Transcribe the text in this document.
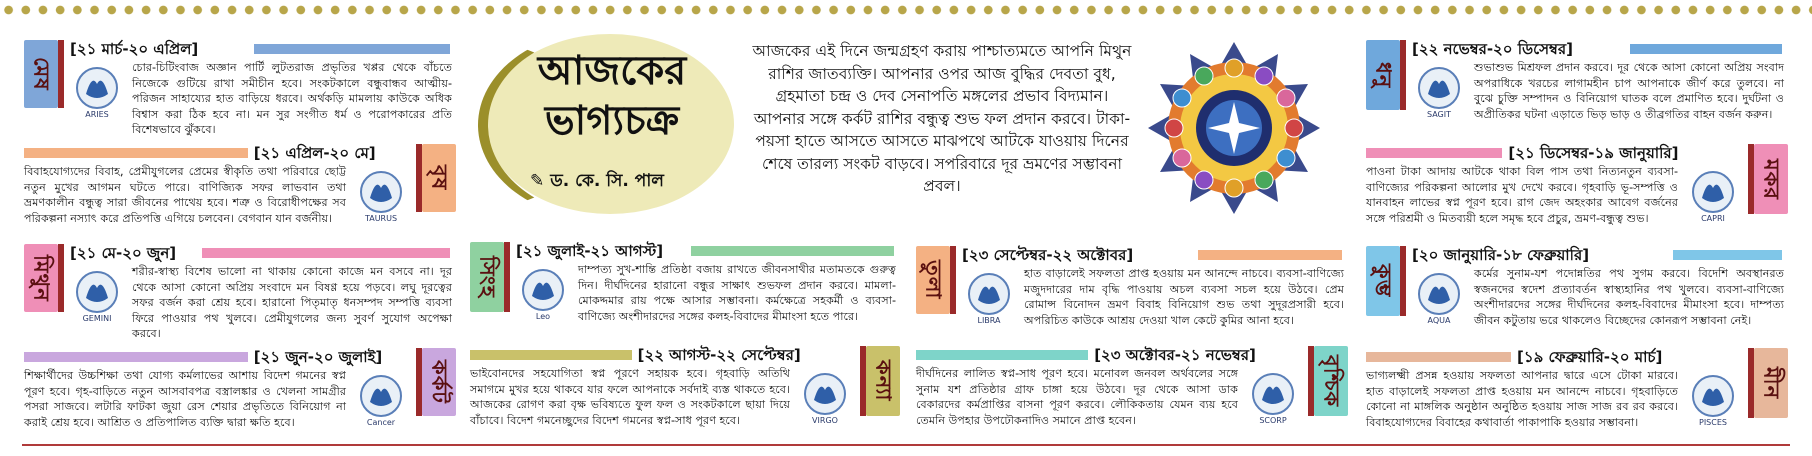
আজকের
ভাগ্যচক্র
✎ ড. কে. সি. পাল
আজকের এই দিনে জন্মগ্রহণ করায় পাশ্চাত্যমতে আপনি মিথুন রাশির জাতব্যক্তি। আপনার ওপর আজ বুদ্ধির দেবতা বুধ, গ্রহমাতা চন্দ্র ও দেব সেনাপতি মঙ্গলের প্রভাব বিদ্যমান। আপনার সঙ্গে কর্কট রাশির বন্ধুত্ব শুভ ফল প্রদান করবে। টাকা-পয়সা হাতে আসতে আসতে মাঝপথে আটকে যাওয়ায় দিনের শেষে তারল্য সংকট বাড়বে। সপরিবারে দূর ভ্রমণের সম্ভাবনা প্রবল।
মেষ
[২১ মার্চ-২০ এপ্রিল]
ARIES
চোর-চিটিংবাজ অজ্ঞান পার্টি লুটতরাজ প্রভৃতির খপ্পর থেকে বাঁচতে নিজেকে গুটিয়ে রাখা সমীচীন হবে। সংকটকালে বন্ধুবান্ধব আত্মীয়-পরিজন সাহায্যের হাত বাড়িয়ে ধরবে। অর্থকড়ি মামলায় কাউকে অধিক বিশ্বাস করা ঠিক হবে না। মন সুর সংগীত ধর্ম ও পরোপকারের প্রতি বিশেষভাবে ঝুঁকবে।
বৃষ
[২১ এপ্রিল-২০ মে]
TAURUS
বিবাহযোগ্যদের বিবাহ, প্রেমীযুগলের প্রেমের স্বীকৃতি তথা পরিবারে ছোট্ট নতুন মুখের আগমন ঘটতে পারে। বাণিজ্যিক সফর লাভবান তথা ভ্রমণকালীন বন্ধুত্ব সারা জীবনের পাথেয় হবে। শত্রু ও বিরোধীপক্ষের সব পরিকল্পনা নস্যাৎ করে প্রতিপত্তি এগিয়ে চলবেন। বেগবান যান বর্জনীয়।
মিথুন
[২১ মে-২০ জুন]
GEMINI
শরীর-স্বাস্থ্য বিশেষ ভালো না থাকায় কোনো কাজে মন বসবে না। দূর থেকে আসা কোনো অপ্রিয় সংবাদে মন বিষণ্ণ হয়ে পড়বে। লঘু দূরত্বের সফর বর্জন করা শ্রেয় হবে। হারানো পিতৃমাতৃ ধনসম্পদ সম্পত্তি ব্যবসা ফিরে পাওয়ার পথ খুলবে। প্রেমীযুগলের জন্য সুবর্ণ সুযোগ অপেক্ষা করবে।
কর্কট
[২১ জুন-২০ জুলাই]
Cancer
শিক্ষার্থীদের উচ্চশিক্ষা তথা যোগ্য কর্মলাভের আশায় বিদেশ গমনের স্বপ্ন পূরণ হবে। গৃহ-বাড়িতে নতুন আসবাবপত্র বস্ত্রালঙ্কার ও খেলনা সামগ্রীর পসরা সাজবে। লটারি ফাটকা জুয়া রেস শেয়ার প্রভৃতিতে বিনিয়োগ না করাই শ্রেয় হবে। আশ্রিত ও প্রতিপালিত ব্যক্তি দ্বারা ক্ষতি হবে।
সিংহ
[২১ জুলাই-২১ আগস্ট]
Leo
দাম্পত্য সুখ-শান্তি প্রতিষ্ঠা বজায় রাখতে জীবনসাথীর মতামতকে গুরুত্ব দিন। দীর্ঘদিনের হারানো বন্ধুর সাক্ষাৎ শুভফল প্রদান করবে। মামলা-মোকদ্দমার রায় পক্ষে আসার সম্ভাবনা। কর্মক্ষেত্রে সহকর্মী ও ব্যবসা-বাণিজ্যে অংশীদারদের সঙ্গের কলহ-বিবাদের মীমাংসা হতে পারে।
কন্যা
[২২ আগস্ট-২২ সেপ্টেম্বর]
VIRGO
ভাইবোনদের সহযোগিতা স্বপ্ন পূরণে সহায়ক হবে। গৃহবাড়ি অতিথি সমাগমে মুখর হয়ে থাকবে যার ফলে আপনাকে সর্বদাই ব্যস্ত থাকতে হবে। আজকের রোগণ করা বৃক্ষ ভবিষ্যতে ফুল ফল ও সংকটকালে ছায়া দিয়ে বাঁচাবে। বিদেশ গমনেচ্ছুদের বিদেশ গমনের স্বপ্ন-সাধ পূরণ হবে।
তুলা
[২৩ সেপ্টেম্বর-২২ অক্টোবর]
LIBRA
হাত বাড়ালেই সফলতা প্রাপ্ত হওয়ায় মন আনন্দে নাচবে। ব্যবসা-বাণিজ্যে মজুদদারের দাম বৃদ্ধি পাওয়ায় অচল ব্যবসা সচল হয়ে উঠবে। প্রেম রোমান্স বিনোদন ভ্রমণ বিবাহ বিনিয়োগ শুভ তথা সুদূরপ্রসারী হবে। অপরিচিত কাউকে আশ্রয় দেওয়া খাল কেটে কুমির আনা হবে।
বৃশ্চিক
[২৩ অক্টোবর-২১ নভেম্বর]
SCORP
দীর্ঘদিনের লালিত স্বপ্ন-সাধ পূরণ হবে। মনোবল জনবল অর্থবলের সঙ্গে সুনাম যশ প্রতিষ্ঠার গ্রাফ চাঙ্গা হয়ে উঠবে। দূর থেকে আসা ডাক বেকারদের কর্মপ্রাপ্তির বাসনা পূরণ করবে। লৌকিকতায় যেমন ব্যয় হবে তেমনি উপহার উপঢৌকনাদিও সমানে প্রাপ্ত হবেন।
ধনু
[২২ নভেম্বর-২০ ডিসেম্বর]
SAGIT
শুভাশুভ মিশ্রফল প্রদান করবে। দূর থেকে আসা কোনো অপ্রিয় সংবাদ অপরাধিকে খরচের লাগামহীন চাপ আপনাকে জীর্ণ করে তুলবে। না বুঝে চুক্তি সম্পাদন ও বিনিয়োগ ঘাতক বলে প্রমাণিত হবে। দুর্ঘটনা ও অপ্রীতিকর ঘটনা এড়াতে ভিড় ভাড় ও তীব্রগতির বাহন বর্জন করুন।
মকর
[২১ ডিসেম্বর-১৯ জানুয়ারি]
CAPRI
পাওনা টাকা আদায় আটকে থাকা বিল পাস তথা নিত্যনতুন ব্যবসা-বাণিজ্যের পরিকল্পনা আলোর মুখ দেখে করবে। গৃহবাড়ি ভূ-সম্পত্তি ও যানবাহন লাভের স্বপ্ন পূরণ হবে। রাগ জেদ অহংকার আবেগ বর্জনের সঙ্গে পরিশ্রমী ও মিতব্যয়ী হলে সমৃদ্ধ হবে প্রচুর, ভ্রমণ-বন্ধুত্ব শুভ।
কুম্ভ
[২০ জানুয়ারি-১৮ ফেব্রুয়ারি]
AQUA
কর্মের সুনাম-যশ পদোন্নতির পথ সুগম করবে। বিদেশি অবস্থানরত স্বজনদের স্বদেশ প্রত্যাবর্তন স্বাস্থ্যহানির পথ খুলবে। ব্যবসা-বাণিজ্যে অংশীদারদের সঙ্গের দীর্ঘদিনের কলহ-বিবাদের মীমাংসা হবে। দাম্পত্য জীবন কটুতায় ভরে থাকলেও বিচ্ছেদের কোনরূপ সম্ভাবনা নেই।
মীন
[১৯ ফেব্রুয়ারি-২০ মার্চ]
PISCES
ভাগ্যলক্ষ্মী প্রসন্ন হওয়ায় সফলতা আপনার দ্বারে এসে টোকা মারবে। হাত বাড়ালেই সফলতা প্রাপ্ত হওয়ায় মন আনন্দে নাচবে। গৃহবাড়িতে কোনো না মাঙ্গলিক অনুষ্ঠান অনুষ্ঠিত হওয়ায় সাজ সাজ রব রব করবে। বিবাহযোগ্যদের বিবাহের কথাবার্তা পাকাপাকি হওয়ার সম্ভাবনা।
